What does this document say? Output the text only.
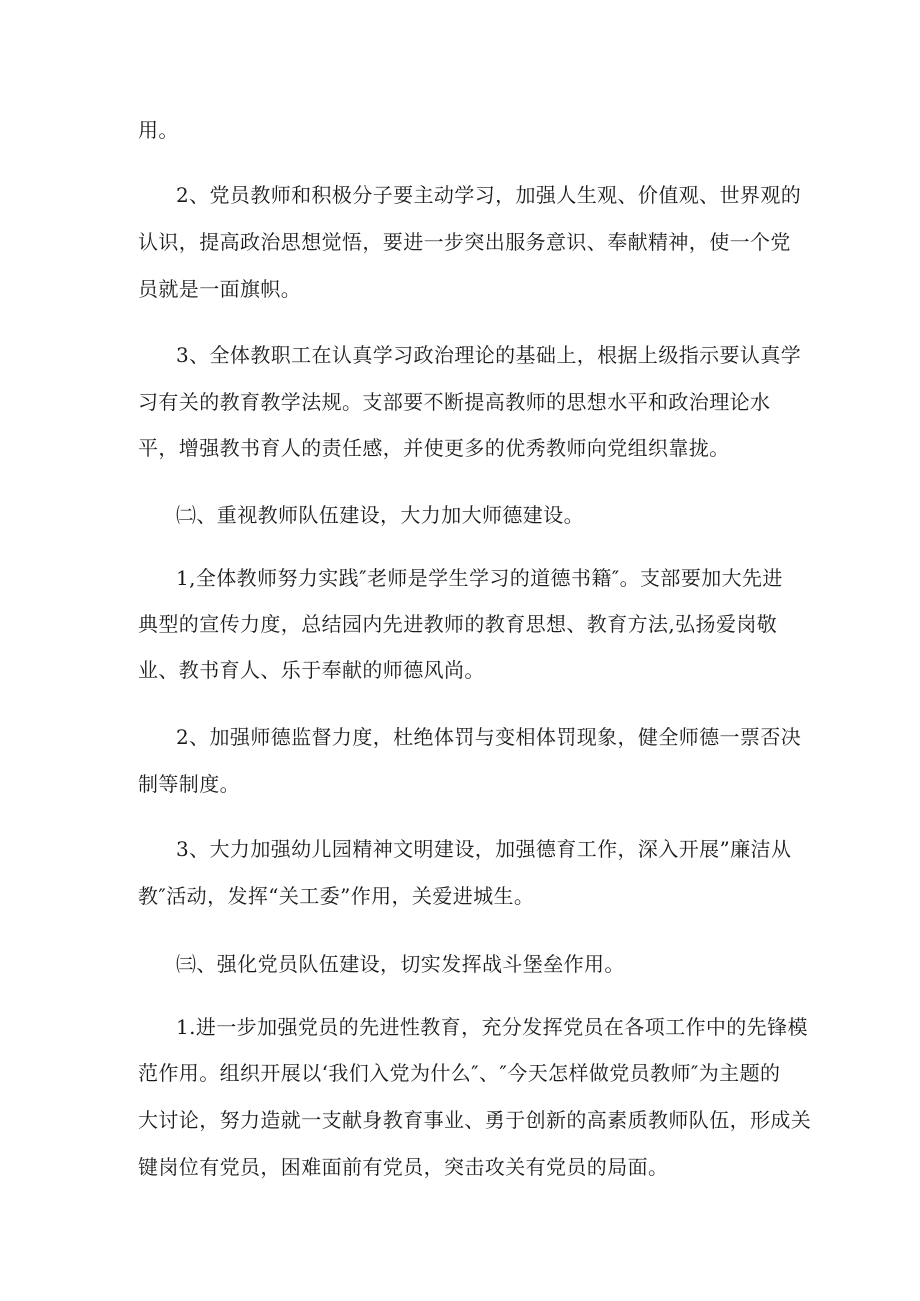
用。
2、党员教师和积极分子要主动学习，加强人生观、价值观、世界观的
认识，提高政治思想觉悟，要进一步突出服务意识、奉献精神，使一个党
员就是一面旗帜。
3、全体教职工在认真学习政治理论的基础上，根据上级指示要认真学
习有关的教育教学法规。支部要不断提高教师的思想水平和政治理论水
平，增强教书育人的责任感，并使更多的优秀教师向党组织靠拢。
㈡、重视教师队伍建设，大力加大师德建设。
1,全体教师努力实践″老师是学生学习的道德书籍″。支部要加大先进
典型的宣传力度，总结园内先进教师的教育思想、教育方法,弘扬爱岗敬
业、教书育人、乐于奉献的师德风尚。
2、加强师德监督力度，杜绝体罚与变相体罚现象，健全师德一票否决
制等制度。
3、大力加强幼儿园精神文明建设，加强德育工作，深入开展”廉洁从
教″活动，发挥“关工委”作用，关爱进城生。
㈢、强化党员队伍建设，切实发挥战斗堡垒作用。
1.进一步加强党员的先进性教育，充分发挥党员在各项工作中的先锋模
范作用。组织开展以‘我们入党为什么″、″今天怎样做党员教师″为主题的
大讨论，努力造就一支献身教育事业、勇于创新的高素质教师队伍，形成关
键岗位有党员，困难面前有党员，突击攻关有党员的局面。
